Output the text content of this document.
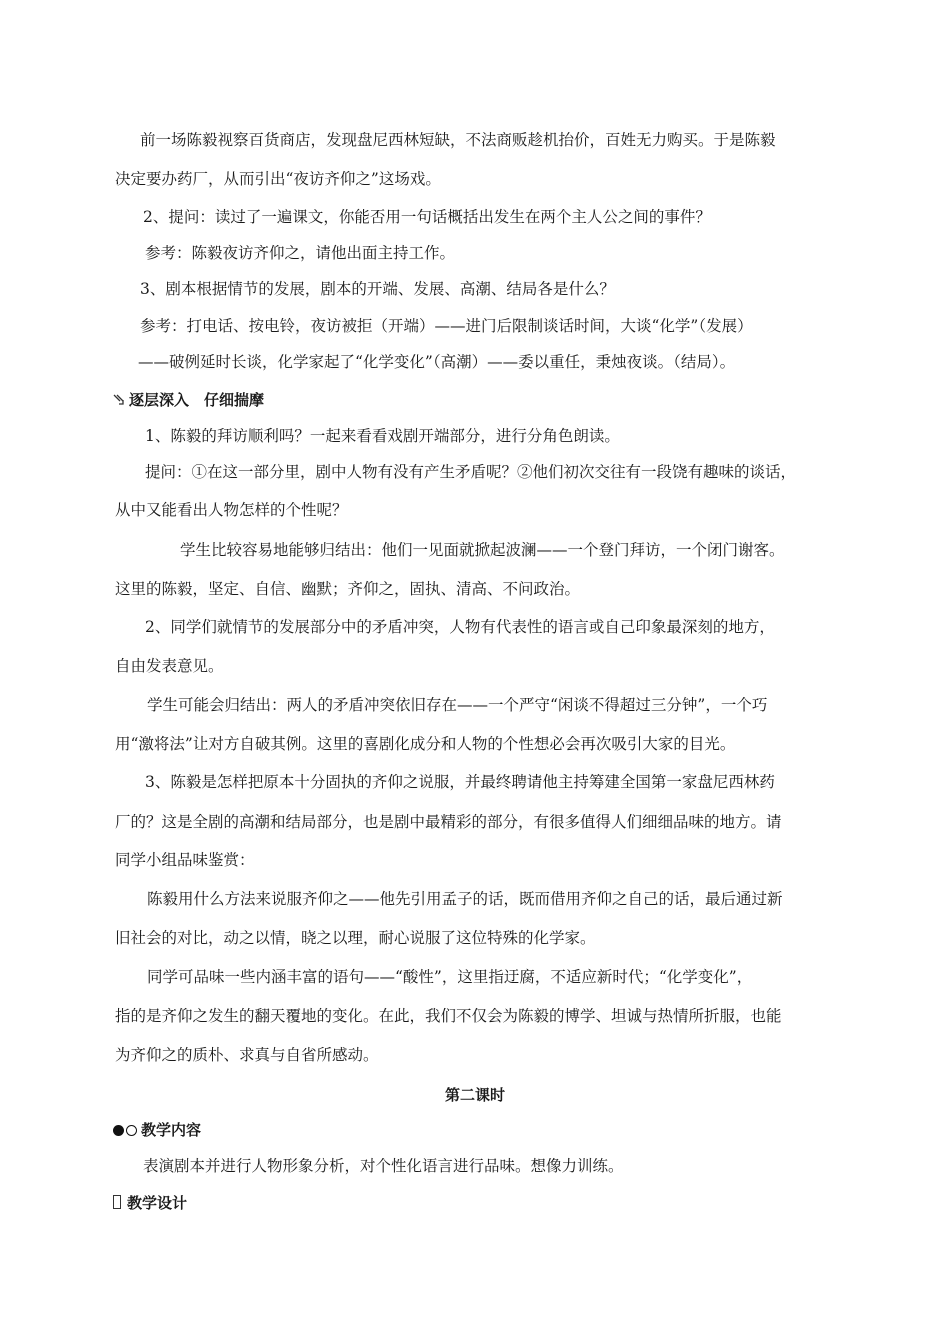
前一场陈毅视察百货商店，发现盘尼西林短缺，不法商贩趁机抬价，百姓无力购买。于是陈毅
决定要办药厂，从而引出“夜访齐仰之”这场戏。
2、提问：读过了一遍课文，你能否用一句话概括出发生在两个主人公之间的事件？
参考：陈毅夜访齐仰之，请他出面主持工作。
3、剧本根据情节的发展，剧本的开端、发展、高潮、结局各是什么？
参考：打电话、按电铃，夜访被拒（开端）——进门后限制谈话时间，大谈“化学”（发展）
——破例延时长谈，化学家起了“化学变化”（高潮）——委以重任，秉烛夜谈。（结局）。
逐层深入　仔细揣摩
1、陈毅的拜访顺利吗？一起来看看戏剧开端部分，进行分角色朗读。
提问：①在这一部分里，剧中人物有没有产生矛盾呢？②他们初次交往有一段饶有趣味的谈话，
从中又能看出人物怎样的个性呢？
学生比较容易地能够归结出：他们一见面就掀起波澜——一个登门拜访，一个闭门谢客。
这里的陈毅，坚定、自信、幽默；齐仰之，固执、清高、不问政治。
2、同学们就情节的发展部分中的矛盾冲突，人物有代表性的语言或自己印象最深刻的地方，
自由发表意见。
学生可能会归结出：两人的矛盾冲突依旧存在——一个严守“闲谈不得超过三分钟”，一个巧
用“激将法”让对方自破其例。这里的喜剧化成分和人物的个性想必会再次吸引大家的目光。
3、陈毅是怎样把原本十分固执的齐仰之说服，并最终聘请他主持筹建全国第一家盘尼西林药
厂的？这是全剧的高潮和结局部分，也是剧中最精彩的部分，有很多值得人们细细品味的地方。请
同学小组品味鉴赏：
陈毅用什么方法来说服齐仰之——他先引用孟子的话，既而借用齐仰之自己的话，最后通过新
旧社会的对比，动之以情，晓之以理，耐心说服了这位特殊的化学家。
同学可品味一些内涵丰富的语句——“酸性”，这里指迂腐，不适应新时代；“化学变化”，
指的是齐仰之发生的翻天覆地的变化。在此，我们不仅会为陈毅的博学、坦诚与热情所折服，也能
为齐仰之的质朴、求真与自省所感动。
第二课时
教学内容
表演剧本并进行人物形象分析，对个性化语言进行品味。想像力训练。
教学设计
